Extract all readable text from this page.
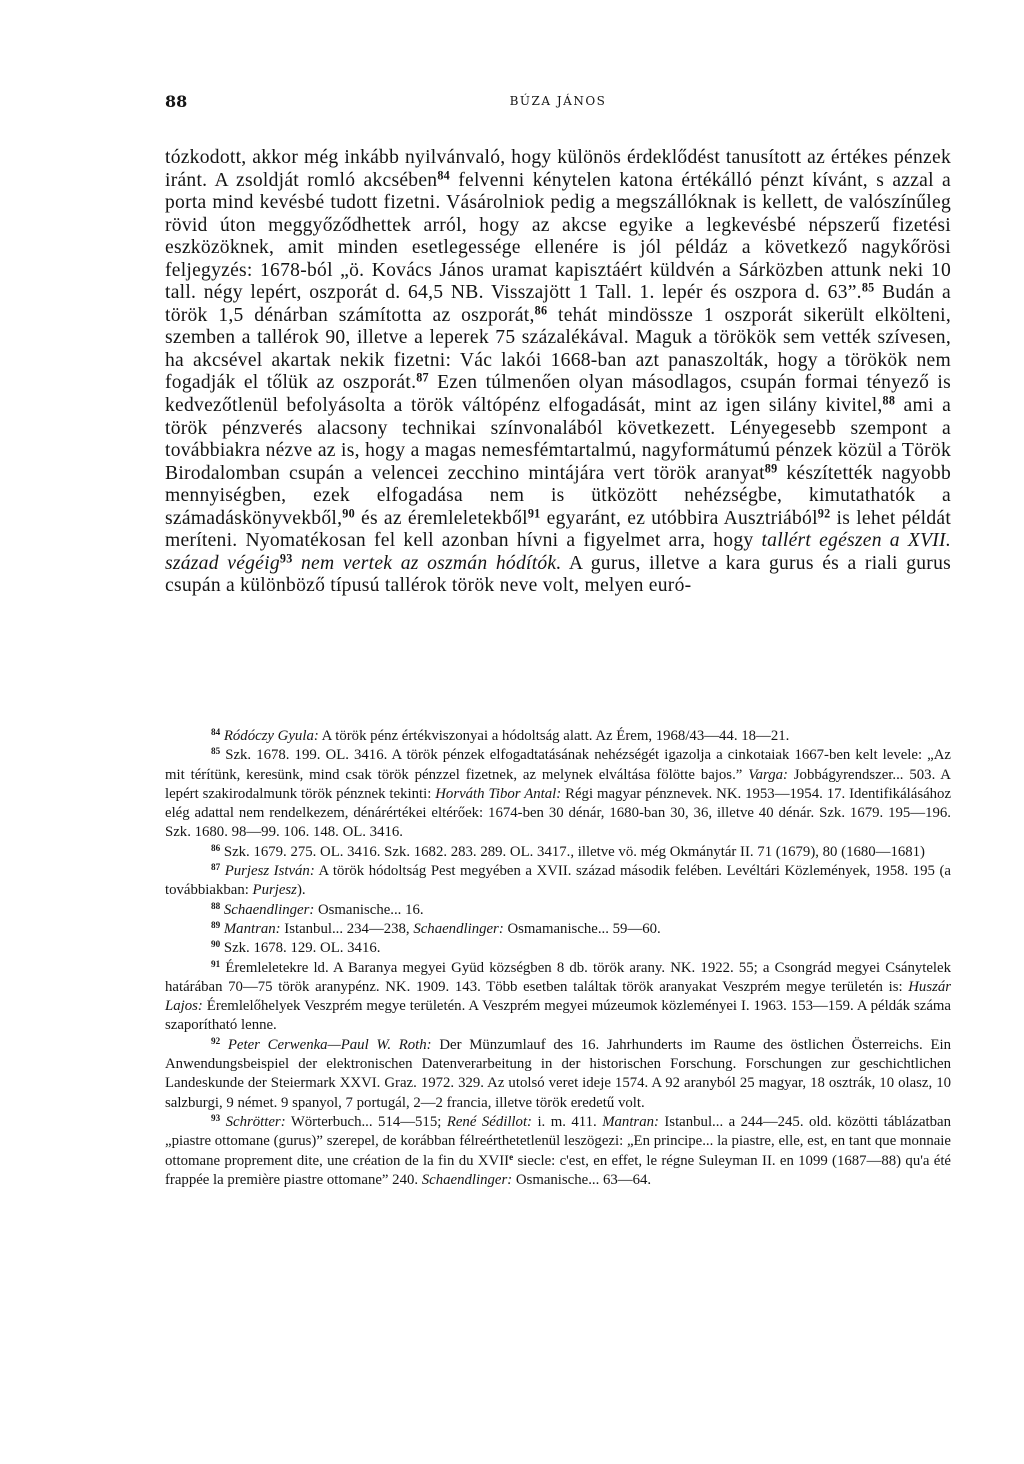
88	BÚZA JÁNOS
tózkodott, akkor még inkább nyilvánvaló, hogy különös érdeklődést tanusított az értékes pénzek iránt. A zsoldját romló akcsében$^{84}$ felvenni kénytelen katona értékálló pénzt kívánt, s azzal a porta mind kevésbé tudott fizetni. Vásárolniok pedig a megszállóknak is kellett, de valószínűleg rövid úton meggyőződhettek arról, hogy az akcse egyike a legkevésbé népszerű fizetési eszközöknek, amit minden esetlegessége ellenére is jól példáz a következő nagykőrösi feljegyzés: 1678-ból „ö. Kovács János uramat kapisztáért küldvén a Sárközben attunk neki 10 tall. négy lepért, oszporát d. 64,5 NB. Visszajött 1 Tall. 1. lepér és oszpora d. 63”.$^{85}$ Budán a török 1,5 dénárban számította az oszporát,$^{86}$ tehát mindössze 1 oszporát sikerült elkölteni, szemben a tallérok 90, illetve a leperek 75 százalékával. Maguk a törökök sem vették szívesen, ha akcsével akartak nekik fizetni: Vác lakói 1668-ban azt panaszolták, hogy a törökök nem fogadják el tőlük az oszporát.$^{87}$ Ezen túlmenően olyan másodlagos, csupán formai tényező is kedvezőtlenül befolyásolta a török váltópénz elfogadását, mint az igen silány kivitel,$^{88}$ ami a török pénzverés alacsony technikai színvonalából következett. Lényegesebb szempont a továbbiakra nézve az is, hogy a magas nemesfémtartalmú, nagyformátumú pénzek közül a Török Birodalomban csupán a velencei zecchino mintájára vert török aranyat$^{89}$ készítették nagyobb mennyiségben, ezek elfogadása nem is ütközött nehézségbe, kimutathatók a számadáskönyvekből,$^{90}$ és az éremleletekből$^{91}$ egyaránt, ez utóbbira Ausztriából$^{92}$ is lehet példát meríteni. Nyomatékosan fel kell azonban hívni a figyelmet arra, hogy tallért egészen a XVII. század végéig$^{93}$ nem vertek az oszmán hódítók. A gurus, illetve a kara gurus és a riali gurus csupán a különböző típusú tallérok török neve volt, melyen euró-

$^{84}$ Ródóczy Gyula: A török pénz értékviszonyai a hódoltság alatt. Az Érem, 1968/43—44. 18—21.

$^{85}$ Szk. 1678. 199. OL. 3416. A török pénzek elfogadtatásának nehézségét igazolja a cinkotaiak 1667-ben kelt levele: „Az mit térítünk, keresünk, mind csak török pénzzel fizetnek, az melynek elváltása fölötte bajos.” Varga: Jobbágyrendszer... 503. A lepért szakirodalmunk török pénznek tekinti: Horváth Tibor Antal: Régi magyar pénznevek. NK. 1953—1954. 17. Identifikálásához elég adattal nem rendelkezem, dénárértékei eltérőek: 1674-ben 30 dénár, 1680-ban 30, 36, illetve 40 dénár. Szk. 1679. 195—196. Szk. 1680. 98—99. 106. 148. OL. 3416.

$^{86}$ Szk. 1679. 275. OL. 3416. Szk. 1682. 283. 289. OL. 3417., illetve vö. még Okmánytár II. 71 (1679), 80 (1680—1681)

$^{87}$ Purjesz István: A török hódoltság Pest megyében a XVII. század második felében. Levéltári Közlemények, 1958. 195 (a továbbiakban: Purjesz).

$^{88}$ Schaendlinger: Osmanische... 16.

$^{89}$ Mantran: Istanbul... 234—238, Schaendlinger: Osmamanische... 59—60.

$^{90}$ Szk. 1678. 129. OL. 3416.

$^{91}$ Éremleletekre ld. A Baranya megyei Gyüd községben 8 db. török arany. NK. 1922. 55; a Csongrád megyei Csánytelek határában 70—75 török aranypénz. NK. 1909. 143. Több esetben találtak török aranyakat Veszprém megye területén is: Huszár Lajos: Éremlelőhelyek Veszprém megye területén. A Veszprém megyei múzeumok közleményei I. 1963. 153—159. A példák száma szaporítható lenne.

$^{92}$ Peter Cerwenka—Paul W. Roth: Der Münzumlauf des 16. Jahrhunderts im Raume des östlichen Österreichs. Ein Anwendungsbeispiel der elektronischen Datenverarbeitung in der historischen Forschung. Forschungen zur geschichtlichen Landeskunde der Steiermark XXVI. Graz. 1972. 329. Az utolsó veret ideje 1574. A 92 aranyból 25 magyar, 18 osztrák, 10 olasz, 10 salzburgi, 9 német. 9 spanyol, 7 portugál, 2—2 francia, illetve török eredetű volt.

$^{93}$ Schrötter: Wörterbuch... 514—515; René Sédillot: i. m. 411. Mantran: Istanbul... a 244—245. old. közötti táblázatban „piastre ottomane (gurus)” szerepel, de korábban félreérthetetlenül leszögezi: „En principe... la piastre, elle, est, en tant que monnaie ottomane proprement dite, une création de la fin du XVIIe siecle: c'est, en effet, le régne Suleyman II. en 1099 (1687—88) qu'a été frappée la première piastre ottomane” 240. Schaendlinger: Osmanische... 63—64.
